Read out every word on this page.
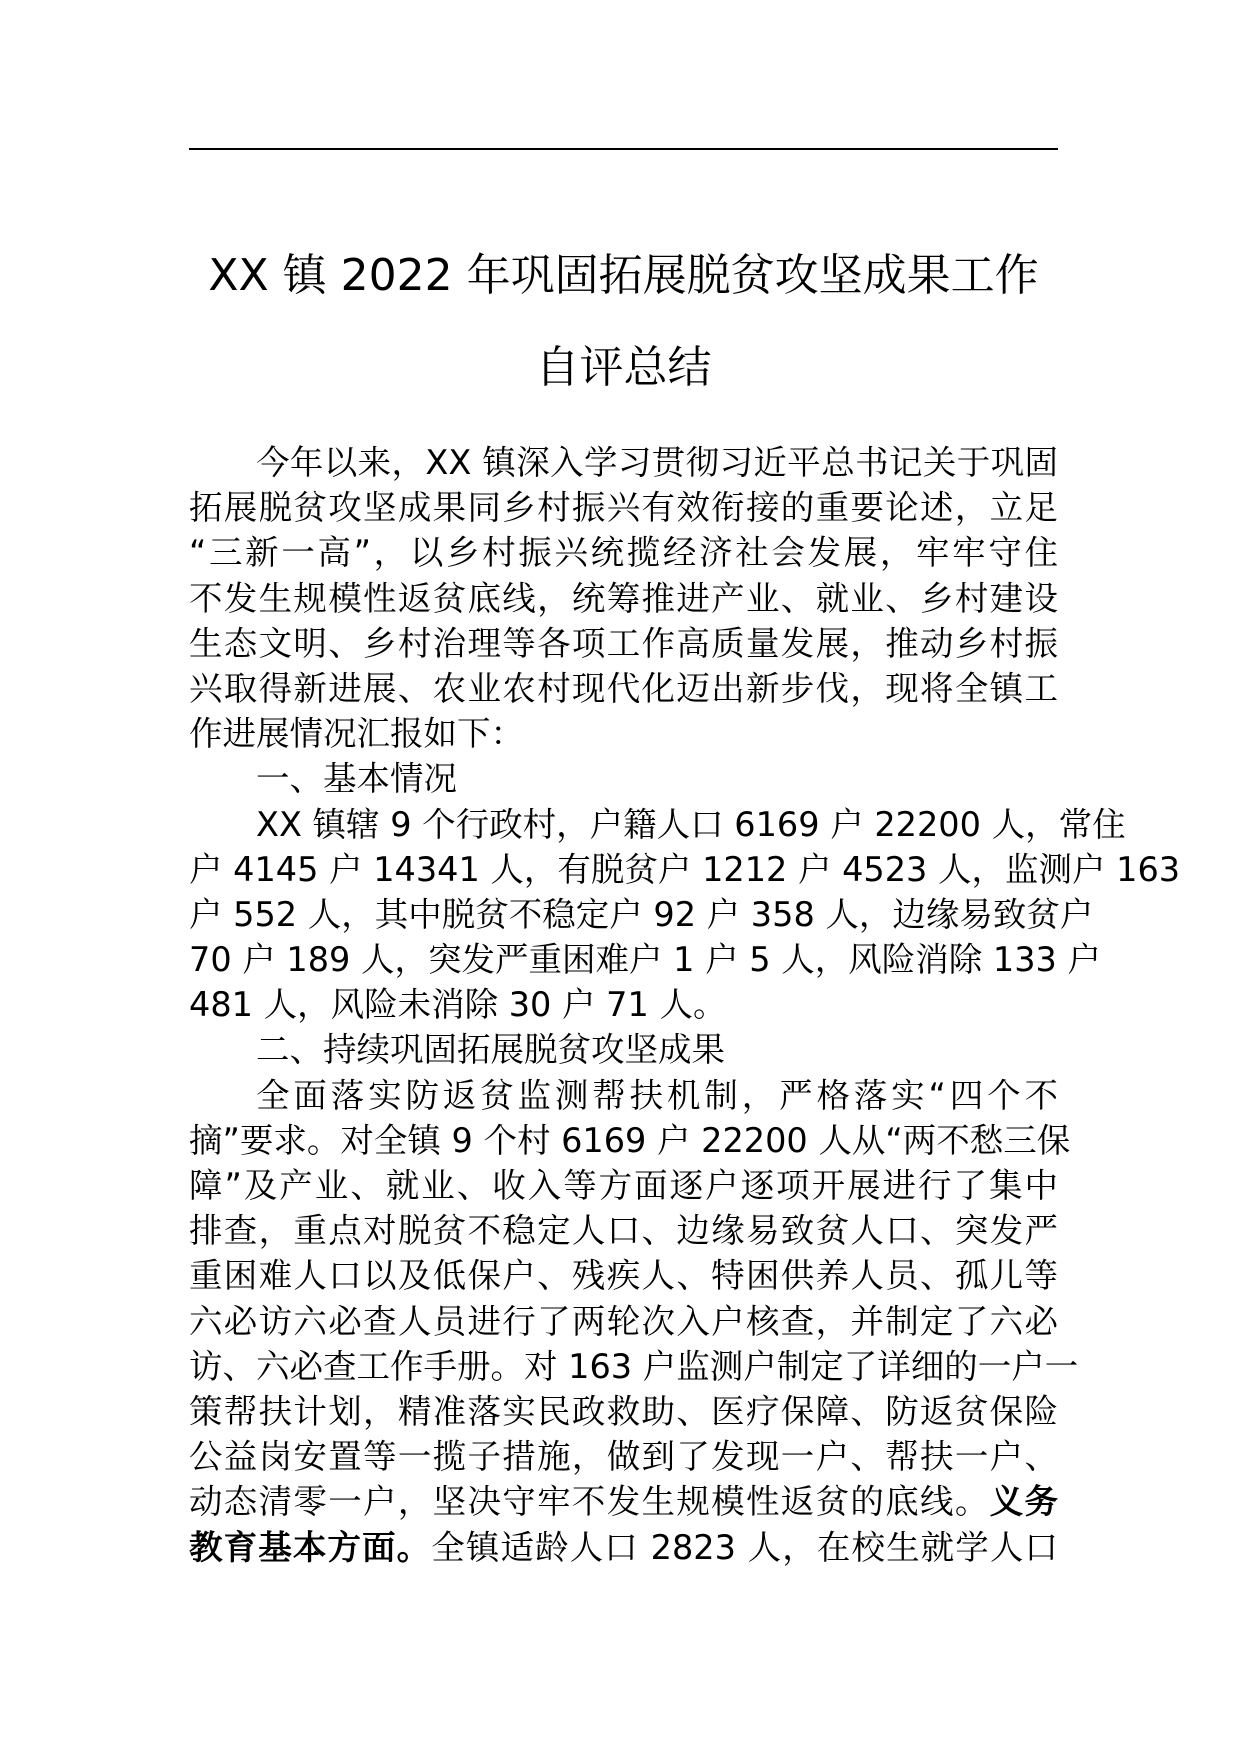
XX 镇 2022 年巩固拓展脱贫攻坚成果工作
自评总结
今年以来，XX 镇深入学习贯彻习近平总书记关于巩固
拓展脱贫攻坚成果同乡村振兴有效衔接的重要论述，立足
“三新一高”，以乡村振兴统揽经济社会发展，牢牢守住
不发生规模性返贫底线，统筹推进产业、就业、乡村建设
生态文明、乡村治理等各项工作高质量发展，推动乡村振
兴取得新进展、农业农村现代化迈出新步伐，现将全镇工
作进展情况汇报如下：
一、基本情况
XX 镇辖 9 个行政村，户籍人口 6169 户 22200 人，常住
户 4145 户 14341 人，有脱贫户 1212 户 4523 人，监测户 163
户 552 人，其中脱贫不稳定户 92 户 358 人，边缘易致贫户
70 户 189 人，突发严重困难户 1 户 5 人，风险消除 133 户
481 人，风险未消除 30 户 71 人。
二、持续巩固拓展脱贫攻坚成果
全面落实防返贫监测帮扶机制，严格落实“四个不
摘”要求。对全镇 9 个村 6169 户 22200 人从“两不愁三保
障”及产业、就业、收入等方面逐户逐项开展进行了集中
排查，重点对脱贫不稳定人口、边缘易致贫人口、突发严
重困难人口以及低保户、残疾人、特困供养人员、孤儿等
六必访六必查人员进行了两轮次入户核查，并制定了六必
访、六必查工作手册。对 163 户监测户制定了详细的一户一
策帮扶计划，精准落实民政救助、医疗保障、防返贫保险
公益岗安置等一揽子措施，做到了发现一户、帮扶一户、
动态清零一户，坚决守牢不发生规模性返贫的底线。义务
教育基本方面。全镇适龄人口 2823 人，在校生就学人口
